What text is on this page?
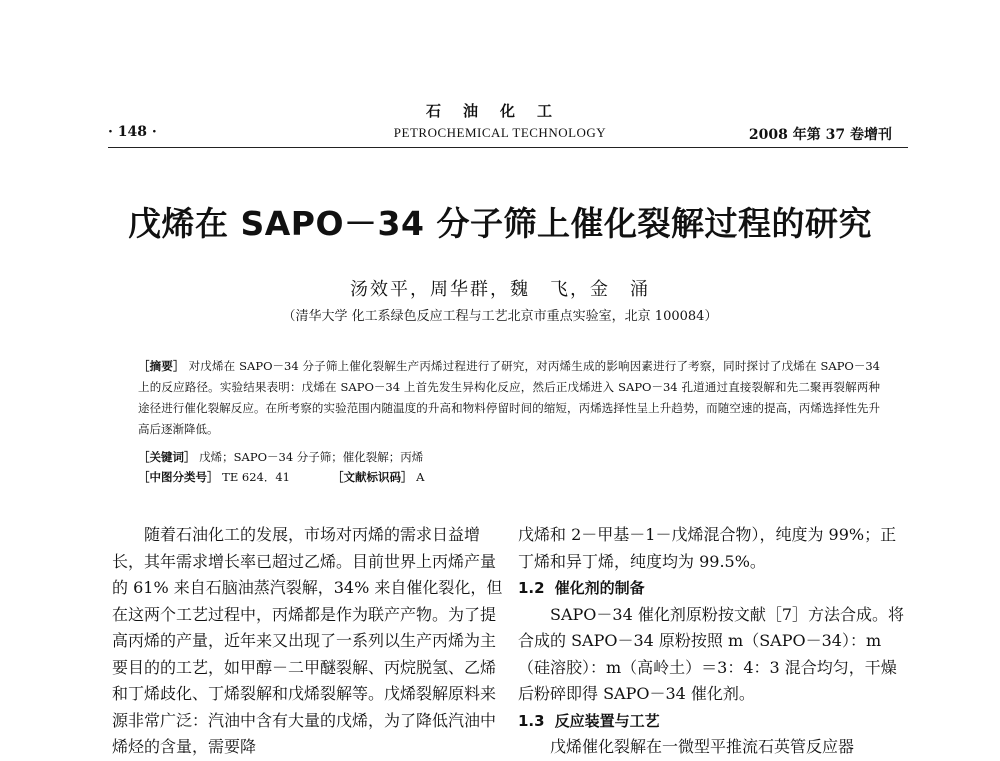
石油化工
· 148 ·	PETROCHEMICAL TECHNOLOGY	2008 年第 37 卷增刊
戊烯在 SAPO－34 分子筛上催化裂解过程的研究
汤效平，周华群，魏　飞，金　涌
（清华大学 化工系绿色反应工程与工艺北京市重点实验室，北京 100084）
［摘要］ 对戊烯在 SAPO－34 分子筛上催化裂解生产丙烯过程进行了研究，对丙烯生成的影响因素进行了考察，同时探讨了戊烯在 SAPO－34 上的反应路径。实验结果表明：戊烯在 SAPO－34 上首先发生异构化反应，然后正戊烯进入 SAPO－34 孔道通过直接裂解和先二聚再裂解两种途径进行催化裂解反应。在所考察的实验范围内随温度的升高和物料停留时间的缩短，丙烯选择性呈上升趋势，而随空速的提高，丙烯选择性先升高后逐渐降低。
［关键词］ 戊烯；SAPO－34 分子筛；催化裂解；丙烯
［中图分类号］ TE 624．41	［文献标识码］ A

随着石油化工的发展，市场对丙烯的需求日益增长，其年需求增长率已超过乙烯。目前世界上丙烯产量的 61% 来自石脑油蒸汽裂解，34% 来自催化裂化，但在这两个工艺过程中，丙烯都是作为联产产物。为了提高丙烯的产量，近年来又出现了一系列以生产丙烯为主要目的的工艺，如甲醇－二甲醚裂解、丙烷脱氢、乙烯和丁烯歧化、丁烯裂解和戊烯裂解等。戊烯裂解原料来源非常广泛：汽油中含有大量的戊烯，为了降低汽油中烯烃的含量，需要降

戊烯和 2－甲基－1－戊烯混合物），纯度为 99%；正丁烯和异丁烯，纯度均为 99.5%。

1.2 催化剂的制备

SAPO－34 催化剂原粉按文献［7］方法合成。将合成的 SAPO－34 原粉按照 m（SAPO－34）：m（硅溶胶）：m（高岭土）＝3：4：3 混合均匀，干燥后粉碎即得 SAPO－34 催化剂。

1.3 反应装置与工艺

戊烯催化裂解在一微型平推流石英管反应器
